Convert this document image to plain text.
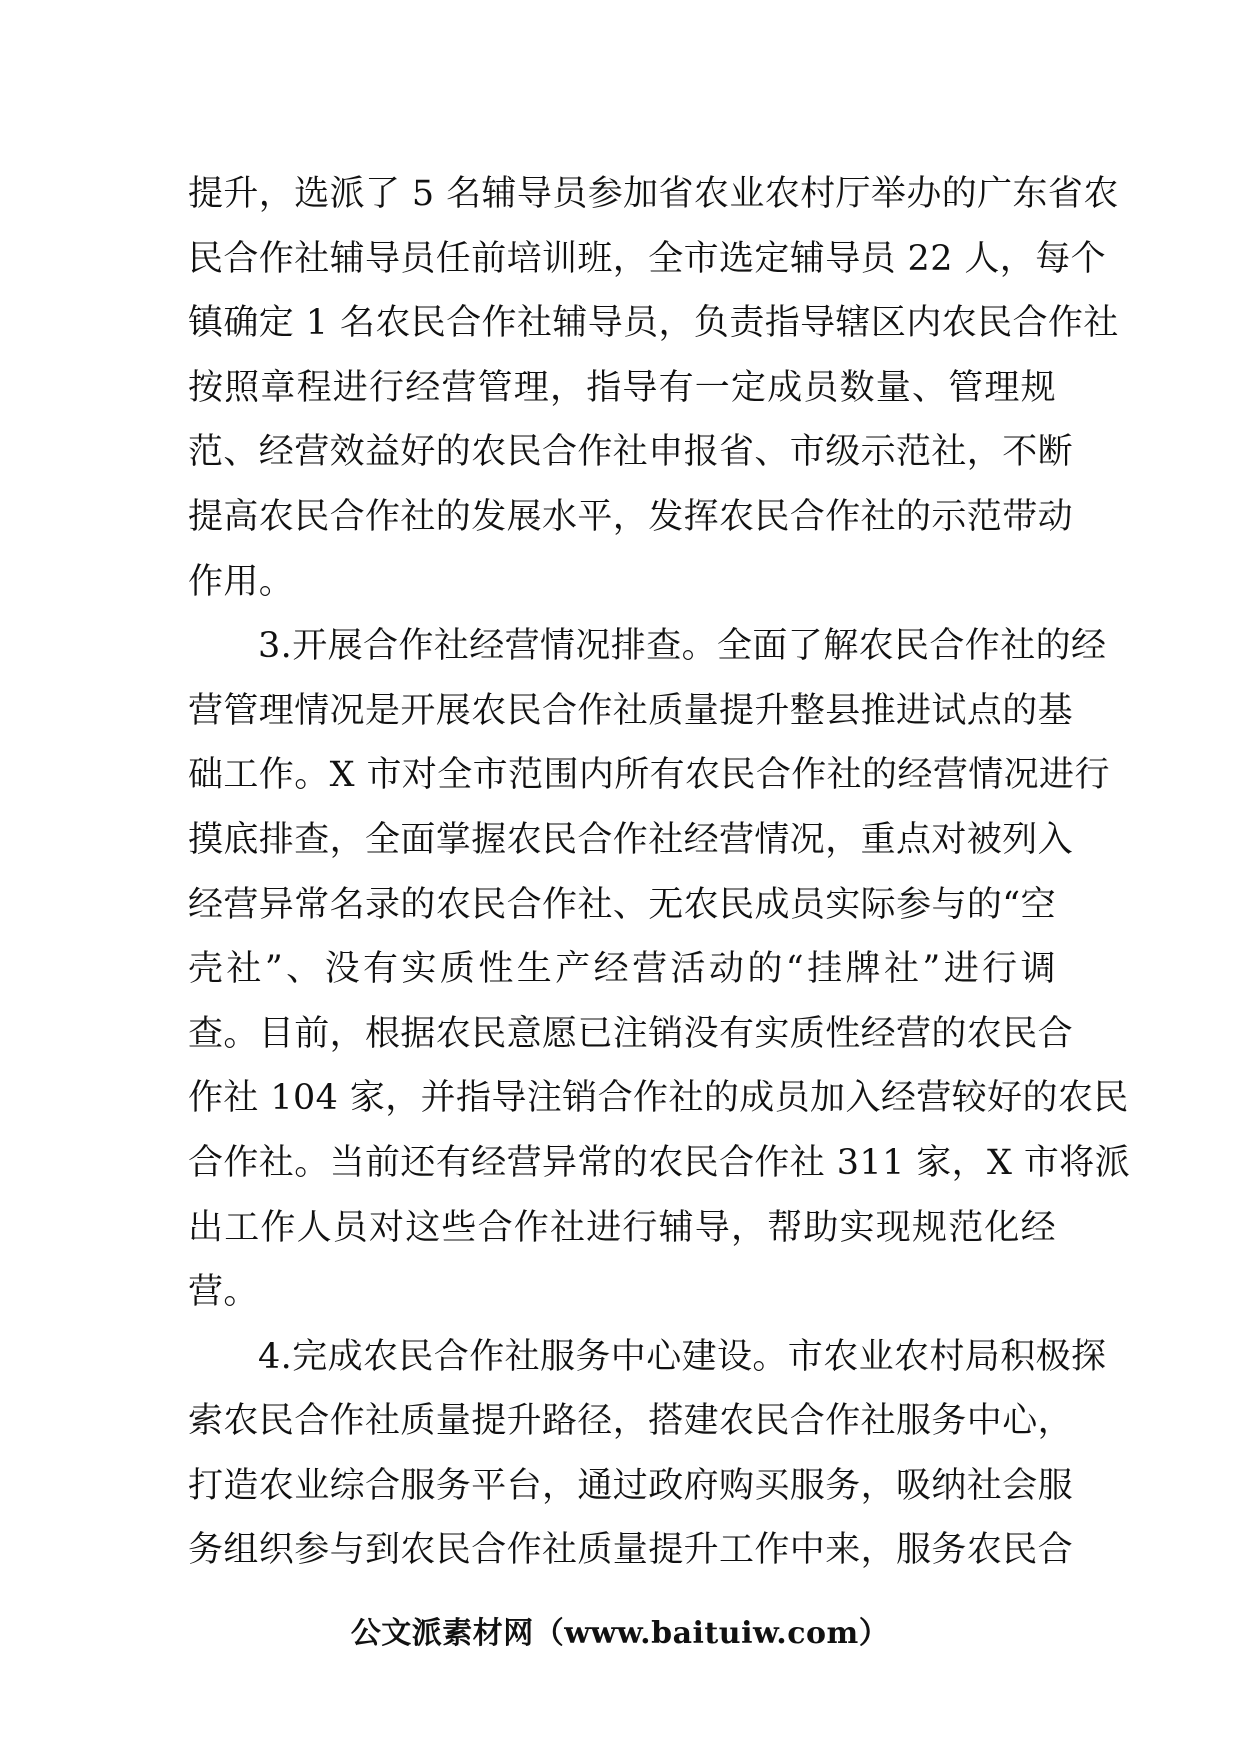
提升，选派了 5 名辅导员参加省农业农村厅举办的广东省农
民合作社辅导员任前培训班，全市选定辅导员 22 人，每个
镇确定 1 名农民合作社辅导员，负责指导辖区内农民合作社
按照章程进行经营管理，指导有一定成员数量、管理规
范、经营效益好的农民合作社申报省、市级示范社，不断
提高农民合作社的发展水平，发挥农民合作社的示范带动
作用。
3.开展合作社经营情况排查。全面了解农民合作社的经
营管理情况是开展农民合作社质量提升整县推进试点的基
础工作。X 市对全市范围内所有农民合作社的经营情况进行
摸底排查，全面掌握农民合作社经营情况，重点对被列入
经营异常名录的农民合作社、无农民成员实际参与的“空
壳社”、没有实质性生产经营活动的“挂牌社”进行调
查。目前，根据农民意愿已注销没有实质性经营的农民合
作社 104 家，并指导注销合作社的成员加入经营较好的农民
合作社。当前还有经营异常的农民合作社 311 家，X 市将派
出工作人员对这些合作社进行辅导，帮助实现规范化经
营。
4.完成农民合作社服务中心建设。市农业农村局积极探
索农民合作社质量提升路径，搭建农民合作社服务中心，
打造农业综合服务平台，通过政府购买服务，吸纳社会服
务组织参与到农民合作社质量提升工作中来，服务农民合
公文派素材网（www.baituiw.com）
